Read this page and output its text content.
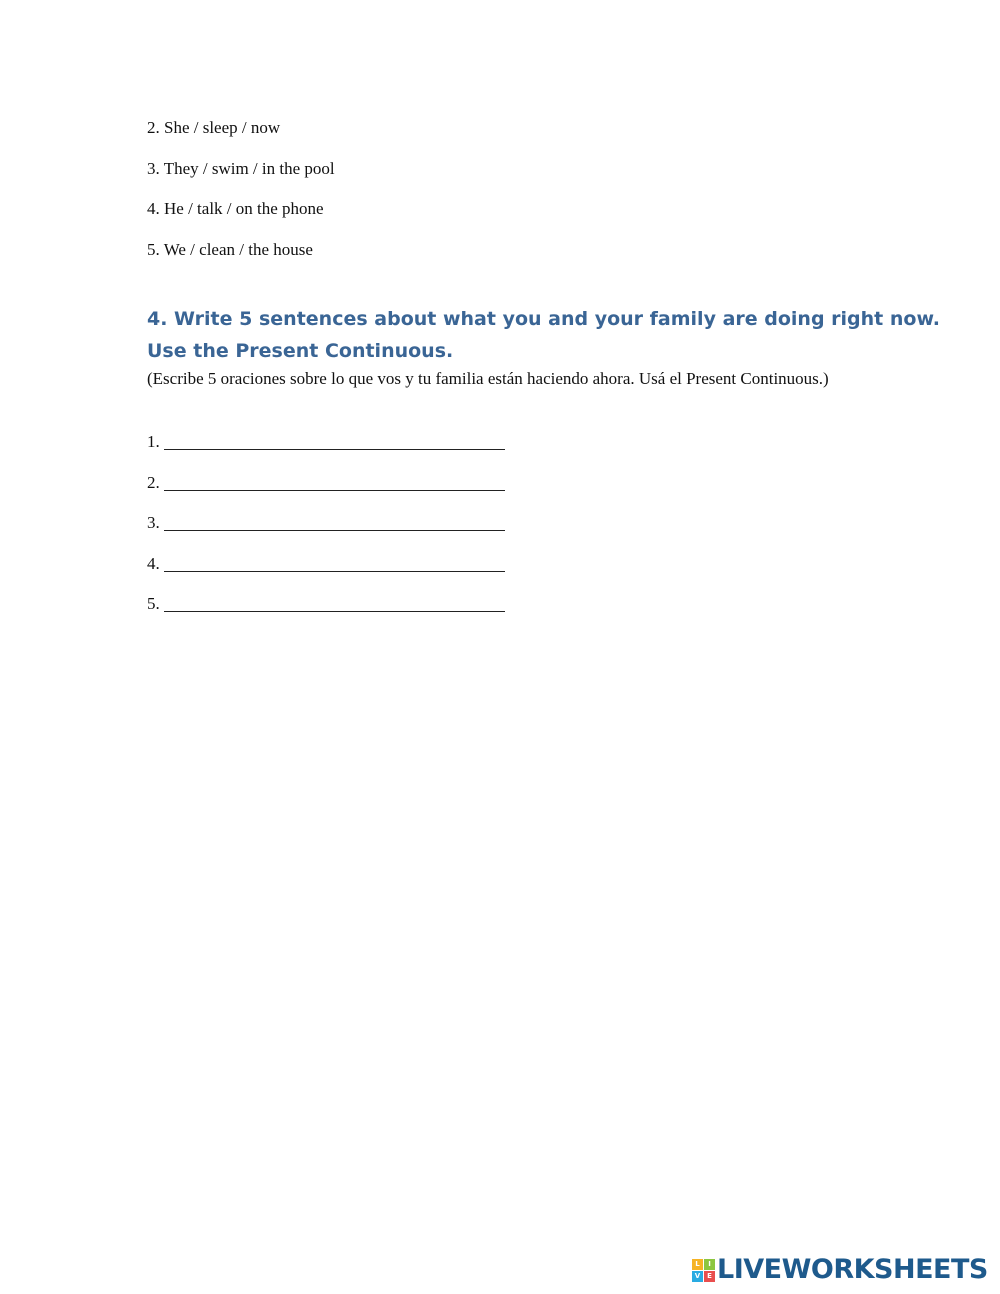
2. She / sleep / now
3. They / swim / in the pool
4. He / talk / on the phone
5. We / clean / the house
4. Write 5 sentences about what you and your family are doing right now.
Use the Present Continuous.
(Escribe 5 oraciones sobre lo que vos y tu familia están haciendo ahora. Usá el Present Continuous.)
1.
2.
3.
4.
5.
L	I
V E LIVEWORKSHEETS
